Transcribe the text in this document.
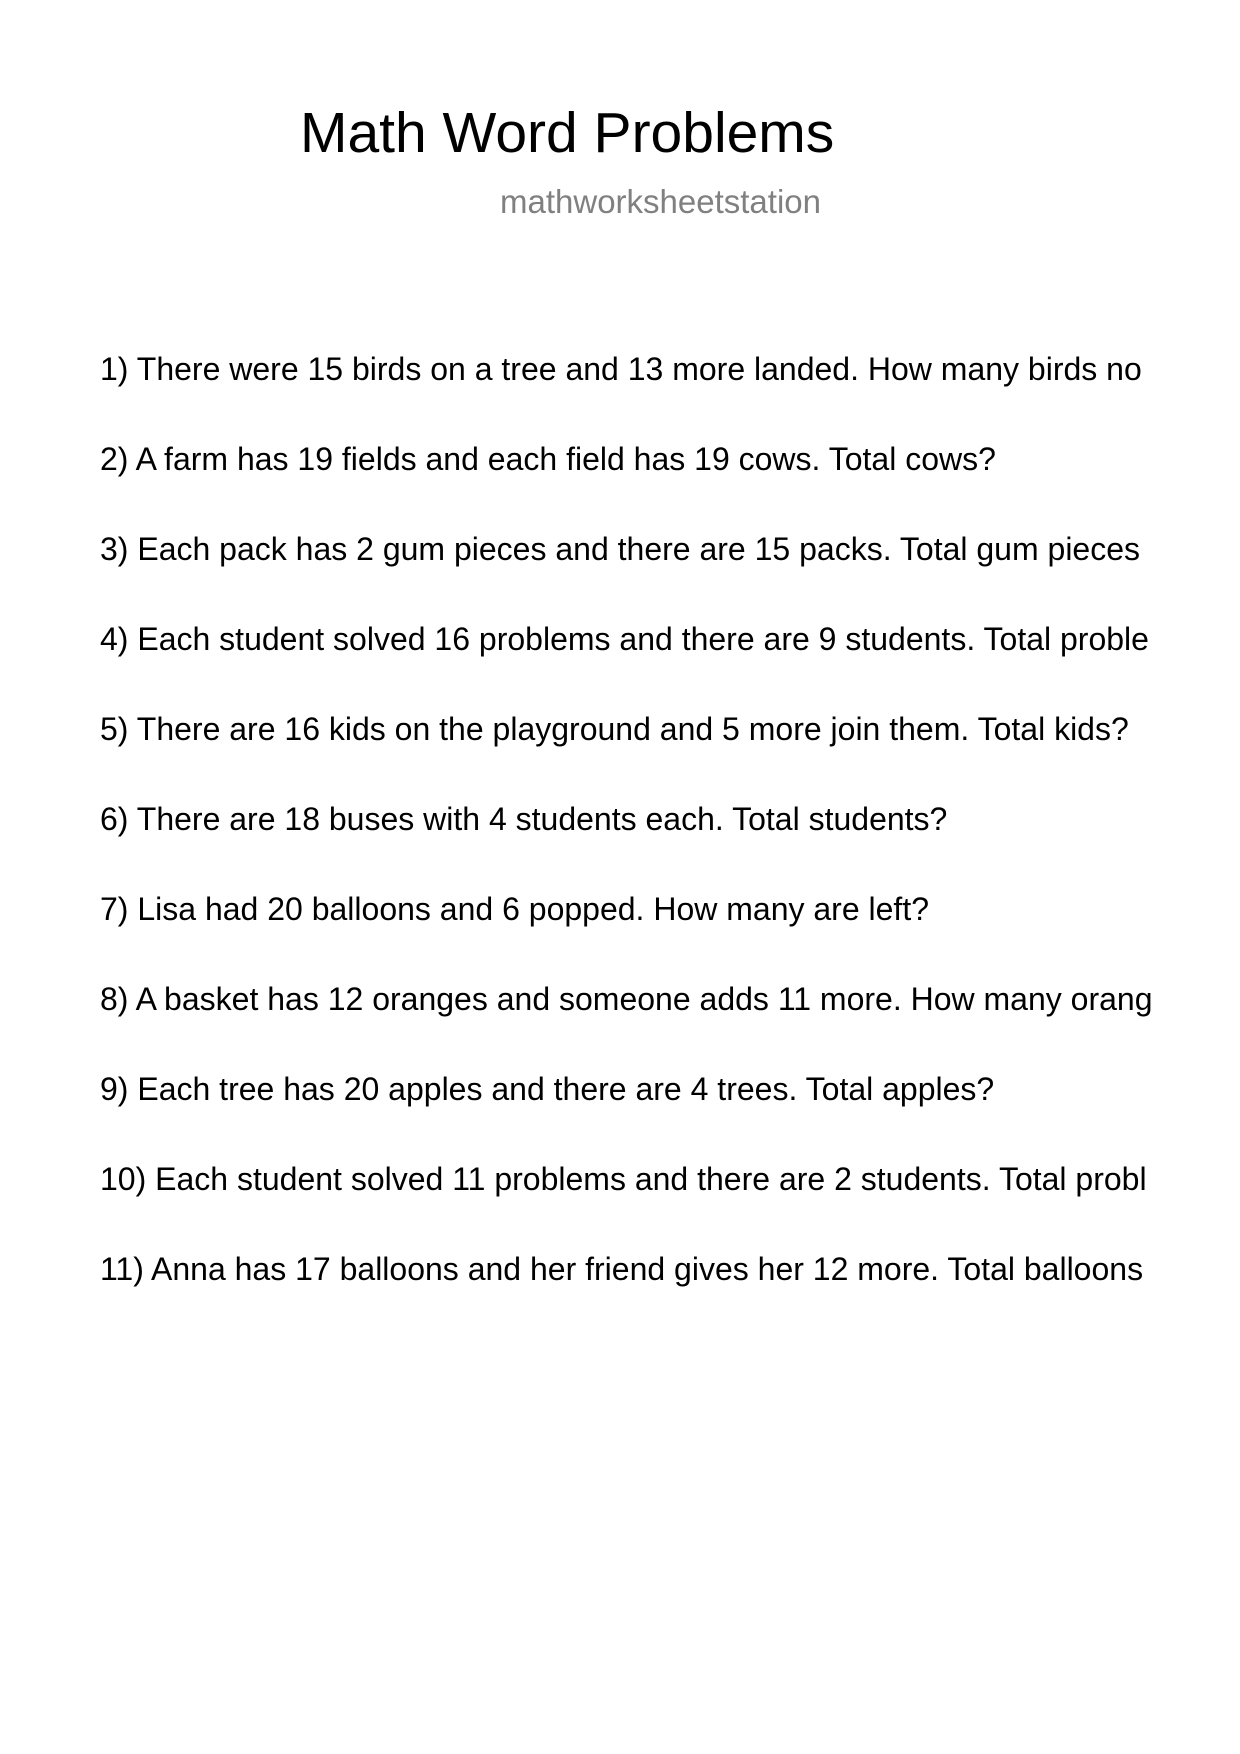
Math Word Problems
mathworksheetstation
1) There were 15 birds on a tree and 13 more landed. How many birds no
2) A farm has 19 fields and each field has 19 cows. Total cows?
3) Each pack has 2 gum pieces and there are 15 packs. Total gum pieces
4) Each student solved 16 problems and there are 9 students. Total proble
5) There are 16 kids on the playground and 5 more join them. Total kids?
6) There are 18 buses with 4 students each. Total students?
7) Lisa had 20 balloons and 6 popped. How many are left?
8) A basket has 12 oranges and someone adds 11 more. How many orang
9) Each tree has 20 apples and there are 4 trees. Total apples?
10) Each student solved 11 problems and there are 2 students. Total probl
11) Anna has 17 balloons and her friend gives her 12 more. Total balloons
